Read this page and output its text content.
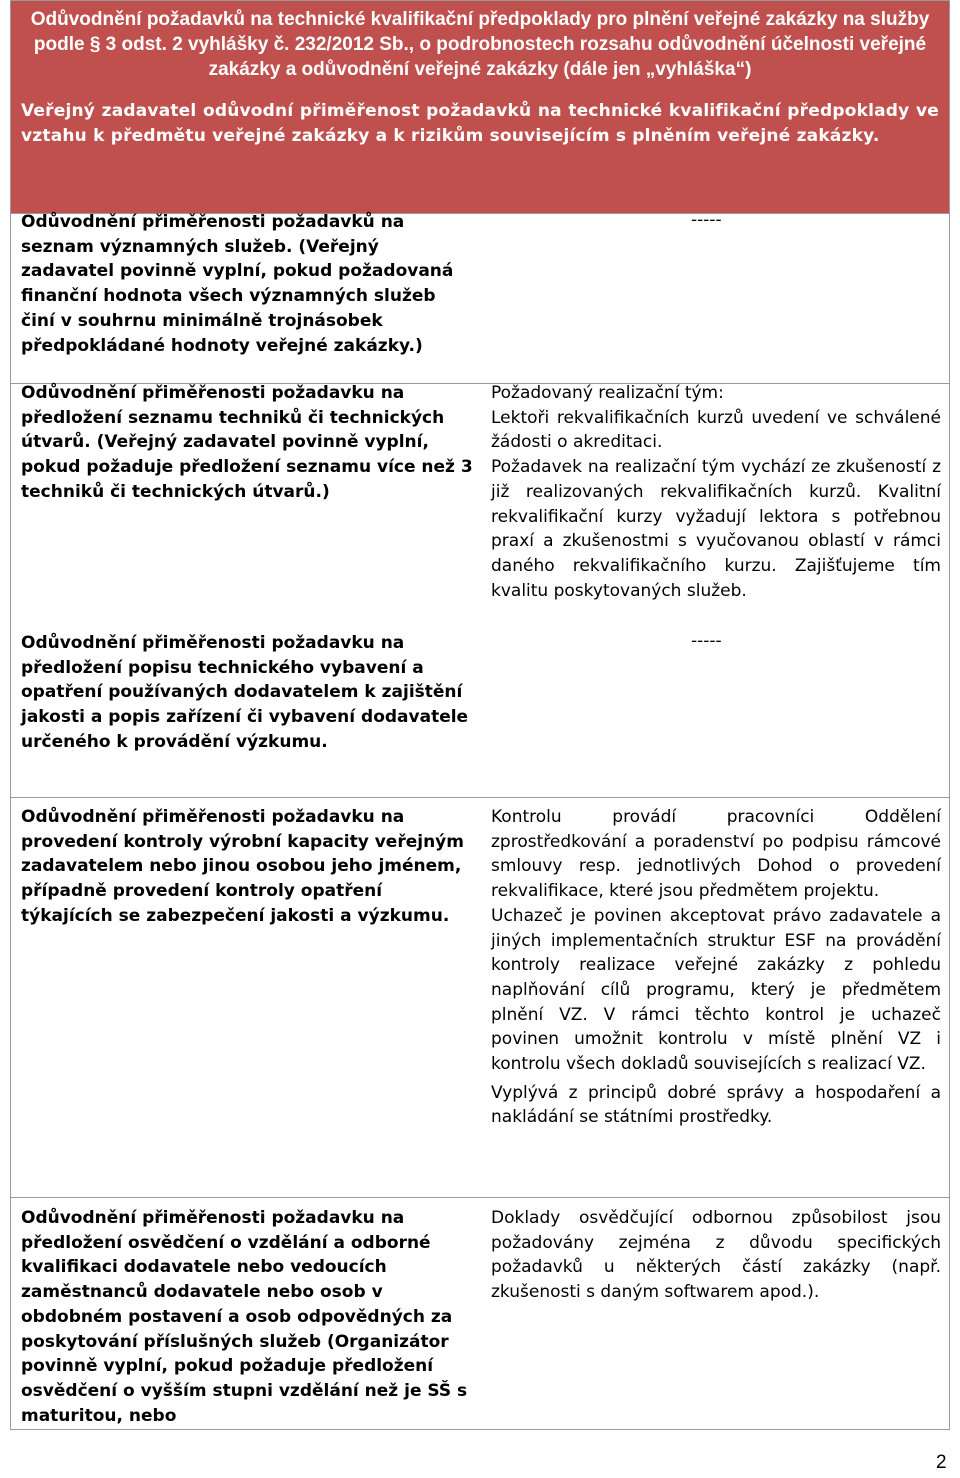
Odůvodnění požadavků na technické kvalifikační předpoklady pro plnění veřejné zakázky na služby podle § 3 odst. 2 vyhlášky č. 232/2012 Sb., o podrobnostech rozsahu odůvodnění účelnosti veřejné zakázky a odůvodnění veřejné zakázky (dále jen „vyhláška“)

Veřejný zadavatel odůvodní přiměřenost požadavků na technické kvalifikační předpoklady ve vztahu k předmětu veřejné zakázky a k rizikům souvisejícím s plněním veřejné zakázky.

Odůvodnění přiměřenosti požadavků na seznam významných služeb. (Veřejný zadavatel povinně vyplní, pokud požadovaná finanční hodnota všech významných služeb činí v souhrnu minimálně trojnásobek předpokládané hodnoty veřejné zakázky.)
-----
Odůvodnění přiměřenosti požadavku na předložení seznamu techniků či technických útvarů. (Veřejný zadavatel povinně vyplní, pokud požaduje předložení seznamu více než 3 techniků či technických útvarů.)

Požadovaný realizační tým:

Lektoři rekvalifikačních kurzů uvedení ve schválené žádosti o akreditaci.

Požadavek na realizační tým vychází ze zkušeností z již realizovaných rekvalifikačních kurzů. Kvalitní rekvalifikační kurzy vyžadují lektora s potřebnou praxí a zkušenostmi s vyučovanou oblastí v rámci daného rekvalifikačního kurzu. Zajišťujeme tím kvalitu poskytovaných služeb.

Odůvodnění přiměřenosti požadavku na předložení popisu technického vybavení a opatření používaných dodavatelem k zajištění jakosti a popis zařízení či vybavení dodavatele určeného k provádění výzkumu.
-----
Odůvodnění přiměřenosti požadavku na provedení kontroly výrobní kapacity veřejným zadavatelem nebo jinou osobou jeho jménem, případně provedení kontroly opatření týkajících se zabezpečení jakosti a výzkumu.

Kontrolu provádí pracovníci Oddělení zprostředkování a poradenství po podpisu rámcové smlouvy resp. jednotlivých Dohod o provedení rekvalifikace, které jsou předmětem projektu.

Uchazeč je povinen akceptovat právo zadavatele a jiných implementačních struktur ESF na provádění kontroly realizace veřejné zakázky z pohledu naplňování cílů programu, který je předmětem plnění VZ. V rámci těchto kontrol je uchazeč povinen umožnit kontrolu v místě plnění VZ i kontrolu všech dokladů souvisejících s realizací VZ.

Vyplývá z principů dobré správy a hospodaření a nakládání se státními prostředky.

Odůvodnění přiměřenosti požadavku na předložení osvědčení o vzdělání a odborné kvalifikaci dodavatele nebo vedoucích zaměstnanců dodavatele nebo osob v obdobném postavení a osob odpovědných za poskytování příslušných služeb (Organizátor povinně vyplní, pokud požaduje předložení osvědčení o vyšším stupni vzdělání než je SŠ s maturitou, nebo

Doklady osvědčující odbornou způsobilost jsou požadovány zejména z důvodu specifických požadavků u některých částí zakázky (např. zkušenosti s daným softwarem apod.).

2
